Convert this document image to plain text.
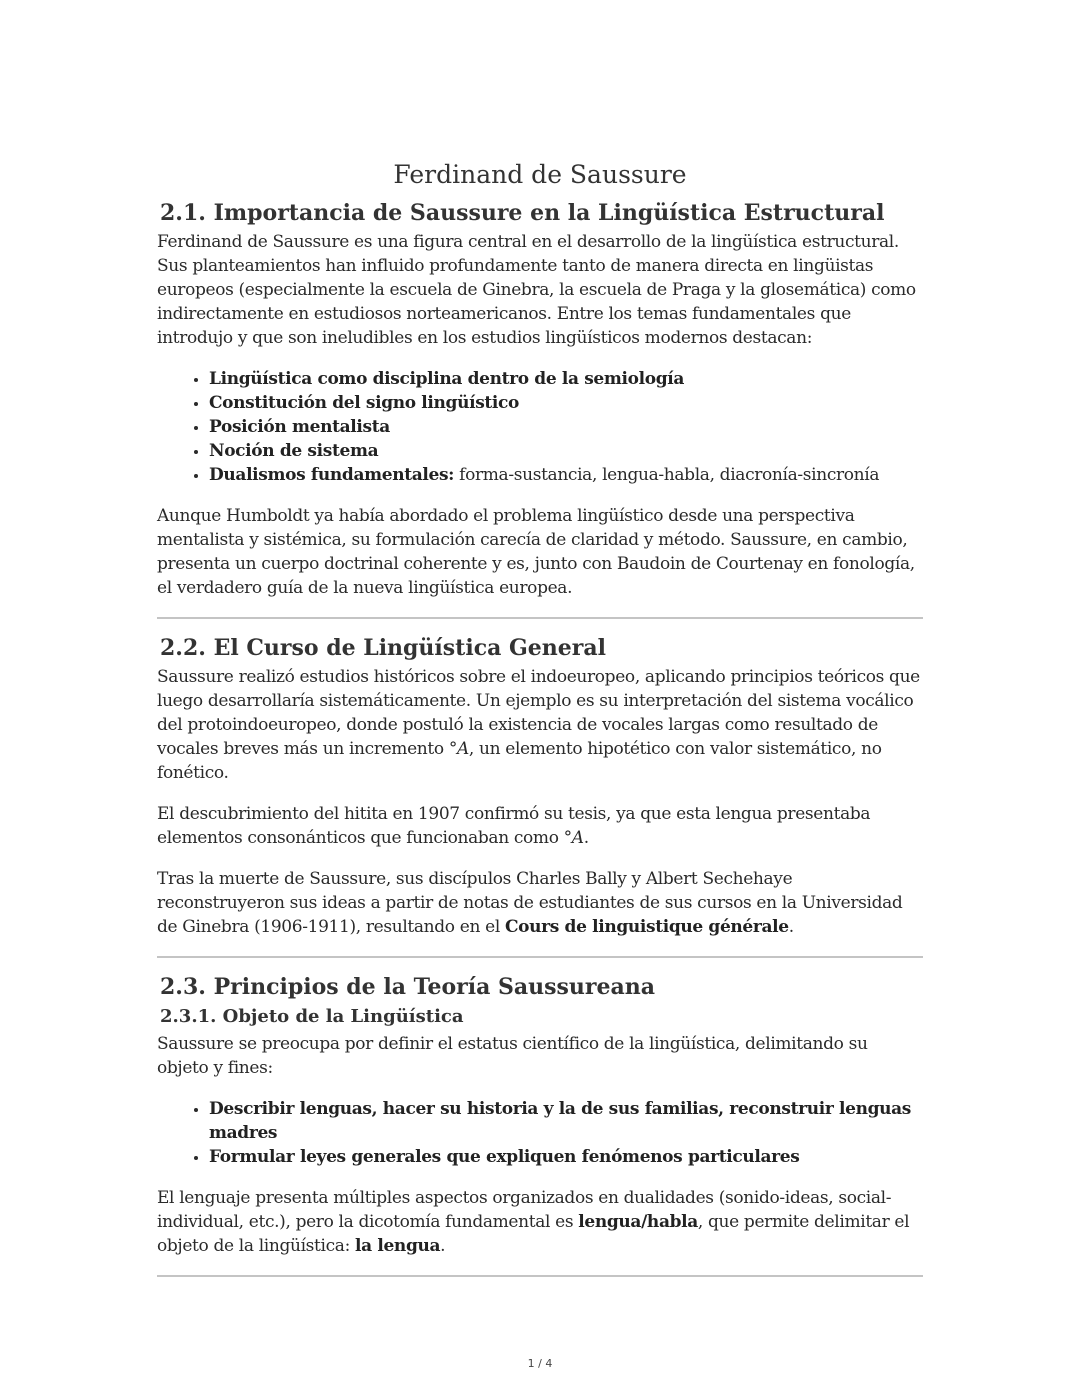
Ferdinand de Saussure
2.1. Importancia de Saussure en la Lingüística Estructural

Ferdinand de Saussure es una figura central en el desarrollo de la lingüística estructural. Sus planteamientos han influido profundamente tanto de manera directa en lingüistas europeos (especialmente la escuela de Ginebra, la escuela de Praga y la glosemática) como indirectamente en estudiosos norteamericanos. Entre los temas fundamentales que introdujo y que son ineludibles en los estudios lingüísticos modernos destacan:

• Lingüística como disciplina dentro de la semiología
• Constitución del signo lingüístico
• Posición mentalista
• Noción de sistema
• Dualismos fundamentales: forma-sustancia, lengua-habla, diacronía-sincronía

Aunque Humboldt ya había abordado el problema lingüístico desde una perspectiva mentalista y sistémica, su formulación carecía de claridad y método. Saussure, en cambio, presenta un cuerpo doctrinal coherente y es, junto con Baudoin de Courtenay en fonología, el verdadero guía de la nueva lingüística europea.

2.2. El Curso de Lingüística General

Saussure realizó estudios históricos sobre el indoeuropeo, aplicando principios teóricos que luego desarrollaría sistemáticamente. Un ejemplo es su interpretación del sistema vocálico del protoindoeuropeo, donde postuló la existencia de vocales largas como resultado de vocales breves más un incremento °A, un elemento hipotético con valor sistemático, no fonético.

El descubrimiento del hitita en 1907 confirmó su tesis, ya que esta lengua presentaba elementos consonánticos que funcionaban como °A.

Tras la muerte de Saussure, sus discípulos Charles Bally y Albert Sechehaye reconstruyeron sus ideas a partir de notas de estudiantes de sus cursos en la Universidad de Ginebra (1906-1911), resultando en el Cours de linguistique générale.

2.3. Principios de la Teoría Saussureana
2.3.1. Objeto de la Lingüística

Saussure se preocupa por definir el estatus científico de la lingüística, delimitando su objeto y fines:

• Describir lenguas, hacer su historia y la de sus familias, reconstruir lenguas madres
• Formular leyes generales que expliquen fenómenos particulares

El lenguaje presenta múltiples aspectos organizados en dualidades (sonido-ideas, social-individual, etc.), pero la dicotomía fundamental es lengua/habla, que permite delimitar el objeto de la lingüística: la lengua.

1 / 4
